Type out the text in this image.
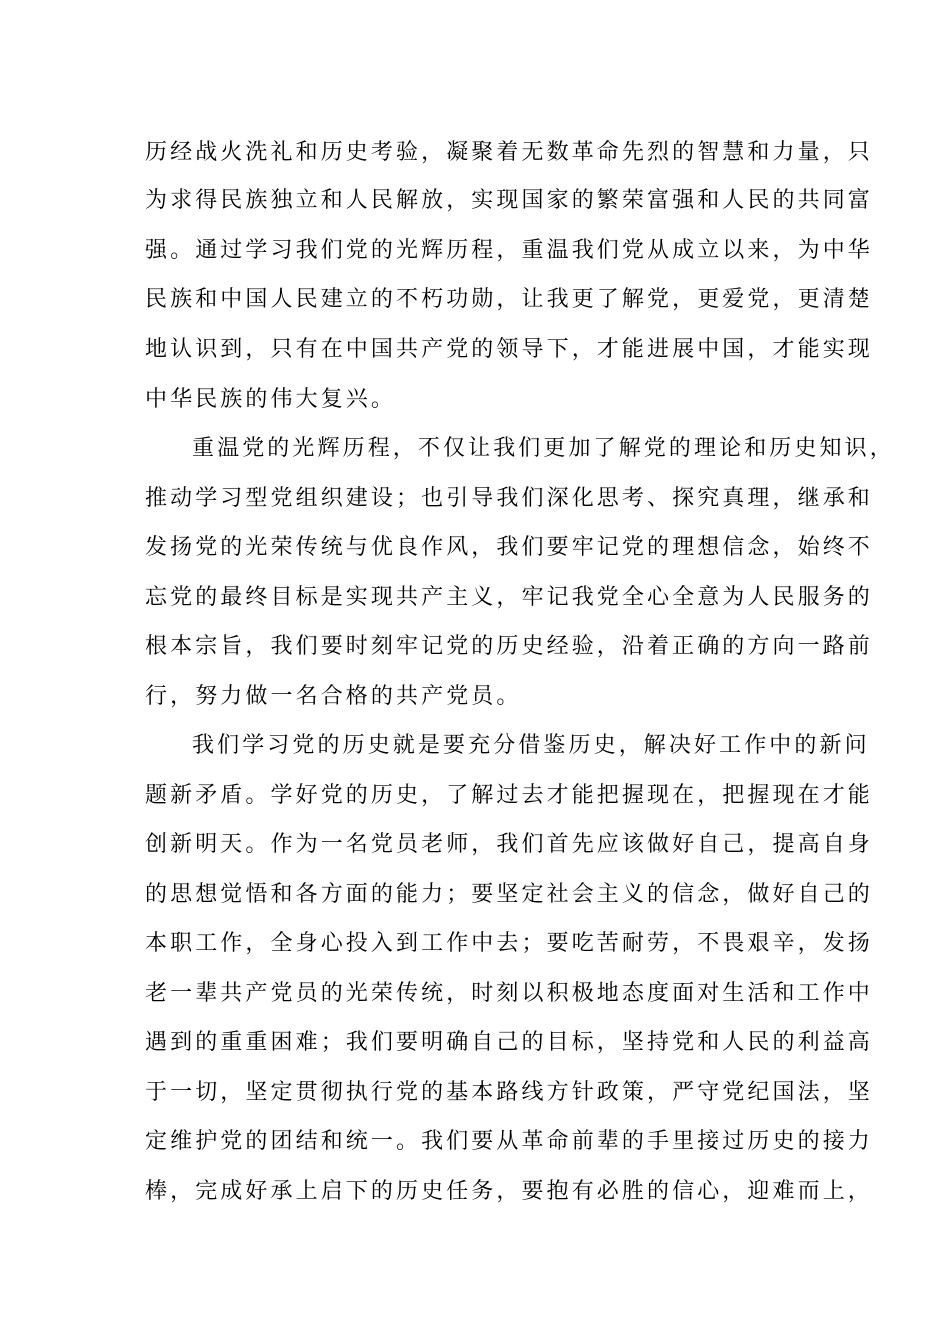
历经战火洗礼和历史考验，凝聚着无数革命先烈的智慧和力量，只
为求得民族独立和人民解放，实现国家的繁荣富强和人民的共同富
强。通过学习我们党的光辉历程，重温我们党从成立以来，为中华
民族和中国人民建立的不朽功勋，让我更了解党，更爱党，更清楚
地认识到，只有在中国共产党的领导下，才能进展中国，才能实现
中华民族的伟大复兴。
重温党的光辉历程，不仅让我们更加了解党的理论和历史知识，
推动学习型党组织建设；也引导我们深化思考、探究真理，继承和
发扬党的光荣传统与优良作风，我们要牢记党的理想信念，始终不
忘党的最终目标是实现共产主义，牢记我党全心全意为人民服务的
根本宗旨，我们要时刻牢记党的历史经验，沿着正确的方向一路前
行，努力做一名合格的共产党员。
我们学习党的历史就是要充分借鉴历史，解决好工作中的新问
题新矛盾。学好党的历史，了解过去才能把握现在，把握现在才能
创新明天。作为一名党员老师，我们首先应该做好自己，提高自身
的思想觉悟和各方面的能力；要坚定社会主义的信念，做好自己的
本职工作，全身心投入到工作中去；要吃苦耐劳，不畏艰辛，发扬
老一辈共产党员的光荣传统，时刻以积极地态度面对生活和工作中
遇到的重重困难；我们要明确自己的目标，坚持党和人民的利益高
于一切，坚定贯彻执行党的基本路线方针政策，严守党纪国法，坚
定维护党的团结和统一。我们要从革命前辈的手里接过历史的接力
棒，完成好承上启下的历史任务，要抱有必胜的信心，迎难而上，
